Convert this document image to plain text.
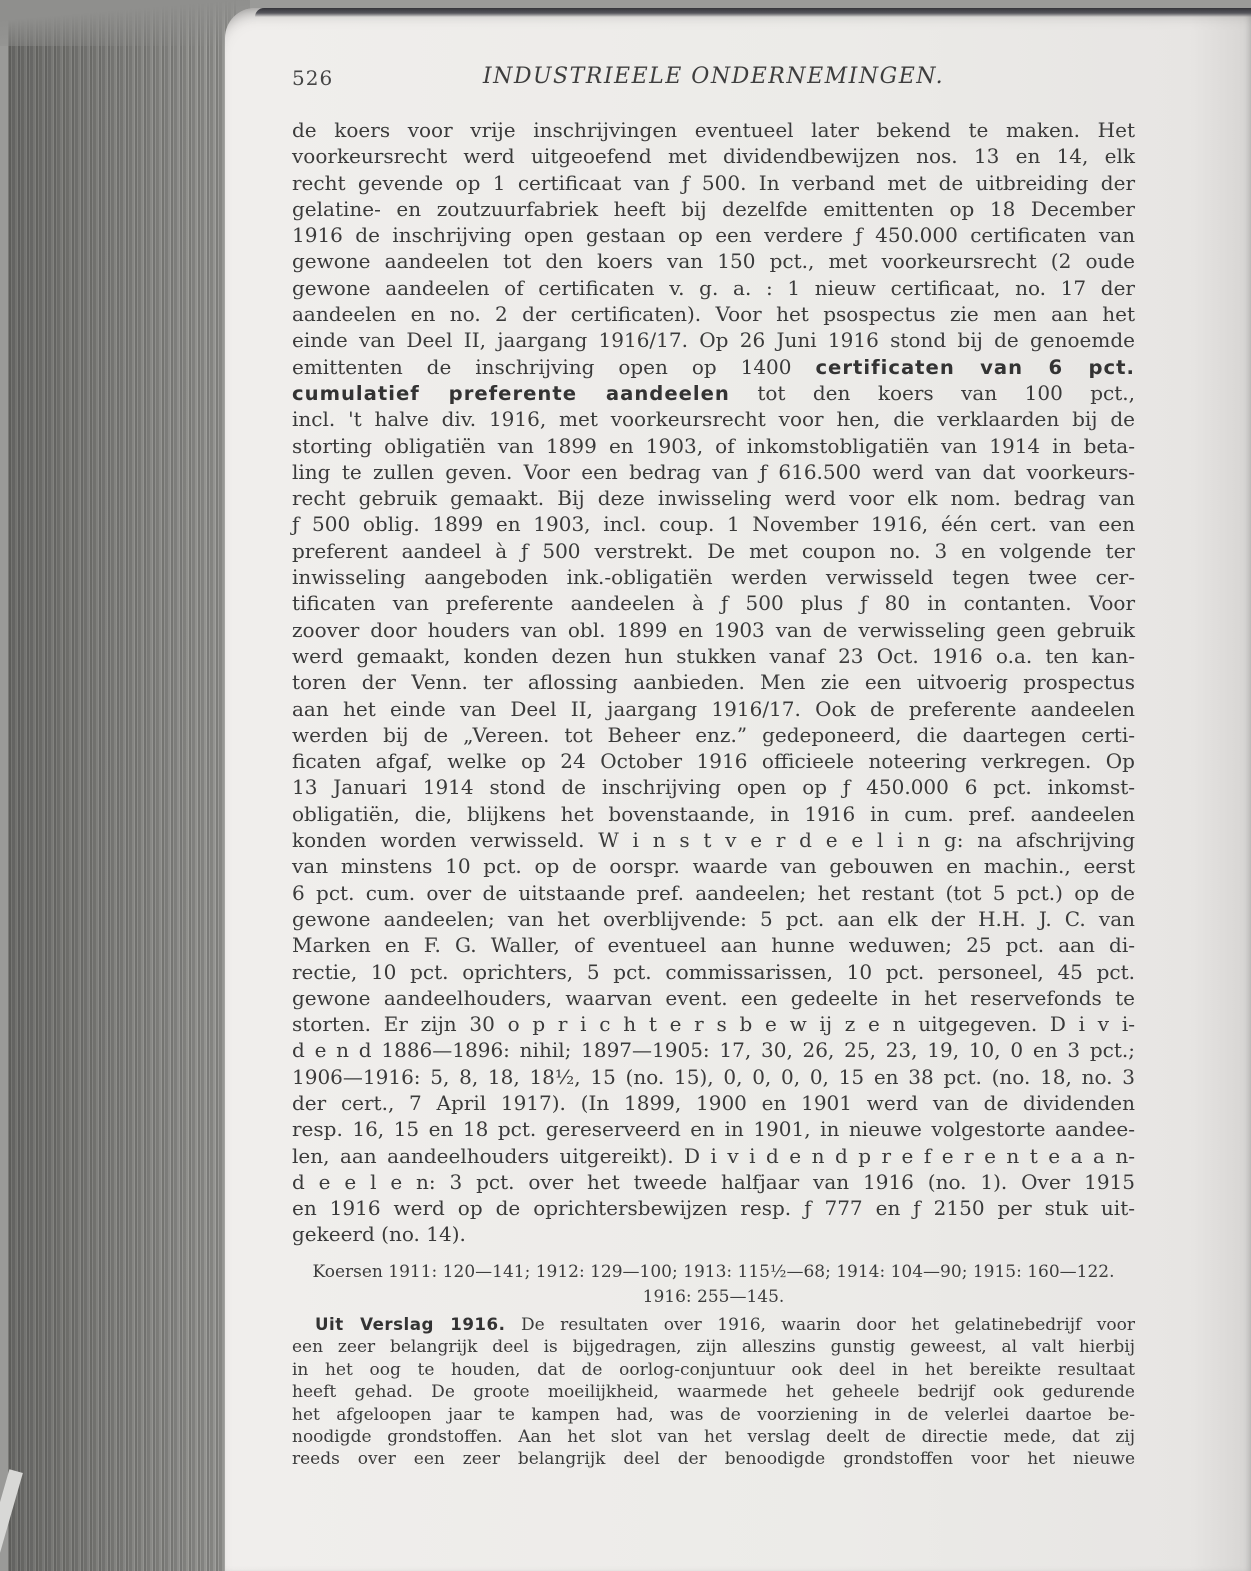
526	INDUSTRIEELE ONDERNEMINGEN.
de koers voor vrije inschrijvingen eventueel later bekend te maken. Het
voorkeursrecht werd uitgeoefend met dividendbewijzen nos. 13 en 14, elk
recht gevende op 1 certificaat van ƒ 500. In verband met de uitbreiding der
gelatine- en zoutzuurfabriek heeft bij dezelfde emittenten op 18 December
1916 de inschrijving open gestaan op een verdere ƒ 450.000 certificaten van
gewone aandeelen tot den koers van 150 pct., met voorkeursrecht (2 oude
gewone aandeelen of certificaten v. g. a. : 1 nieuw certificaat, no. 17 der
aandeelen en no. 2 der certificaten). Voor het psospectus zie men aan het
einde van Deel II, jaargang 1916/17. Op 26 Juni 1916 stond bij de genoemde
emittenten de inschrijving open op 1400 certificaten van 6 pct.
cumulatief preferente aandeelen tot den koers van 100 pct.,
incl. 't halve div. 1916, met voorkeursrecht voor hen, die verklaarden bij de
storting obligatiën van 1899 en 1903, of inkomstobligatiën van 1914 in beta-
ling te zullen geven. Voor een bedrag van ƒ 616.500 werd van dat voorkeurs-
recht gebruik gemaakt. Bij deze inwisseling werd voor elk nom. bedrag van
ƒ 500 oblig. 1899 en 1903, incl. coup. 1 November 1916, één cert. van een
preferent aandeel à ƒ 500 verstrekt. De met coupon no. 3 en volgende ter
inwisseling aangeboden ink.-obligatiën werden verwisseld tegen twee cer-
tificaten van preferente aandeelen à ƒ 500 plus ƒ 80 in contanten. Voor
zoover door houders van obl. 1899 en 1903 van de verwisseling geen gebruik
werd gemaakt, konden dezen hun stukken vanaf 23 Oct. 1916 o.a. ten kan-
toren der Venn. ter aflossing aanbieden. Men zie een uitvoerig prospectus
aan het einde van Deel II, jaargang 1916/17. Ook de preferente aandeelen
werden bij de „Vereen. tot Beheer enz.” gedeponeerd, die daartegen certi-
ficaten afgaf, welke op 24 October 1916 officieele noteering verkregen. Op
13 Januari 1914 stond de inschrijving open op ƒ 450.000 6 pct. inkomst-
obligatiën, die, blijkens het bovenstaande, in 1916 in cum. pref. aandeelen
konden worden verwisseld. W i n s t v e r d e e l i n g: na afschrijving
van minstens 10 pct. op de oorspr. waarde van gebouwen en machin., eerst
6 pct. cum. over de uitstaande pref. aandeelen; het restant (tot 5 pct.) op de
gewone aandeelen; van het overblijvende: 5 pct. aan elk der H.H. J. C. van
Marken en F. G. Waller, of eventueel aan hunne weduwen; 25 pct. aan di-
rectie, 10 pct. oprichters, 5 pct. commissarissen, 10 pct. personeel, 45 pct.
gewone aandeelhouders, waarvan event. een gedeelte in het reservefonds te
storten. Er zijn 30 o p r i c h t e r s b e w ij z e n uitgegeven. D i v i-
d e n d 1886—1896: nihil; 1897—1905: 17, 30, 26, 25, 23, 19, 10, 0 en 3 pct.;
1906—1916: 5, 8, 18, 18½, 15 (no. 15), 0, 0, 0, 0, 15 en 38 pct. (no. 18, no. 3
der cert., 7 April 1917). (In 1899, 1900 en 1901 werd van de dividenden
resp. 16, 15 en 18 pct. gereserveerd en in 1901, in nieuwe volgestorte aandee-
len, aan aandeelhouders uitgereikt). D i v i d e n d p r e f e r e n t e a a n-
d e e l e n: 3 pct. over het tweede halfjaar van 1916 (no. 1). Over 1915
en 1916 werd op de oprichtersbewijzen resp. ƒ 777 en ƒ 2150 per stuk uit-
gekeerd (no. 14).
Koersen 1911: 120—141; 1912: 129—100; 1913: 115½—68; 1914: 104—90; 1915: 160—122.
1916: 255—145.
Uit Verslag 1916. De resultaten over 1916, waarin door het gelatinebedrijf voor
een zeer belangrijk deel is bijgedragen, zijn alleszins gunstig geweest, al valt hierbij
in het oog te houden, dat de oorlog-conjuntuur ook deel in het bereikte resultaat
heeft gehad. De groote moeilijkheid, waarmede het geheele bedrijf ook gedurende
het afgeloopen jaar te kampen had, was de voorziening in de velerlei daartoe be-
noodigde grondstoffen. Aan het slot van het verslag deelt de directie mede, dat zij
reeds over een zeer belangrijk deel der benoodigde grondstoffen voor het nieuwe
